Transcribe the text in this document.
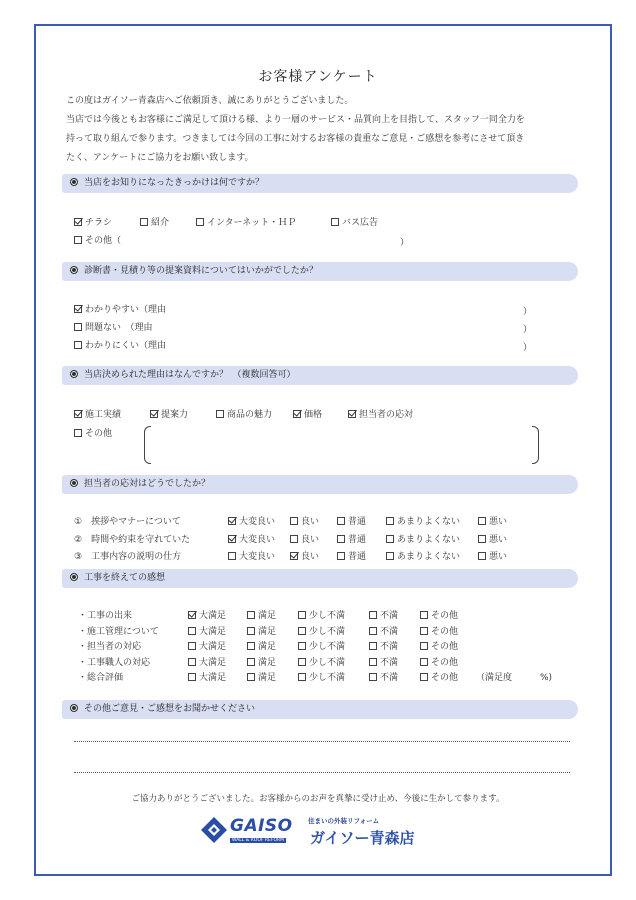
お客様アンケート
この度はガイソー青森店へご依頼頂き、誠にありがとうございました。
当店では今後ともお客様にご満足して頂ける様、より一層のサービス・品質向上を目指して、スタッフ一同全力を
持って取り組んで参ります。つきましては今回の工事に対するお客様の貴重なご意見・ご感想を参考にさせて頂き
たく、アンケートにご協力をお願い致します。
当店をお知りになったきっかけは何ですか？
チラシ	紹介	インターネット・ＨＰ	バス広告
その他（	）
診断書・見積り等の提案資料についてはいかがでしたか？
わかりやすい（理由	）
問題ない　（理由	）
わかりにくい（理由	）
当店決められた理由はなんですか？　（複数回答可）
施工実績	提案力	商品の魅力	価格	担当者の応対
その他
担当者の応対はどうでしたか？
①　挨拶やマナーについて	大変良い	良い	普通	あまりよくない	悪い
②　時間や約束を守れていた	大変良い	良い	普通	あまりよくない	悪い
③　工事内容の説明の仕方	大変良い	良い	普通	あまりよくない	悪い
工事を終えての感想
・工事の出来	大満足	満足	少し不満	不満	その他
・施工管理について	大満足	満足	少し不満	不満	その他
・担当者の対応	大満足	満足	少し不満	不満	その他
・工事職人の対応	大満足	満足	少し不満	不満	その他
・総合評価	大満足	満足	少し不満	不満	その他 （満足度	%)
その他ご意見・ご感想をお聞かせください
ご協力ありがとうございました。お客様からのお声を真摯に受け止め、今後に生かして参ります。
GAISO
WALL & ROOF REFORM
住まいの外装リフォーム
ガイソー青森店
